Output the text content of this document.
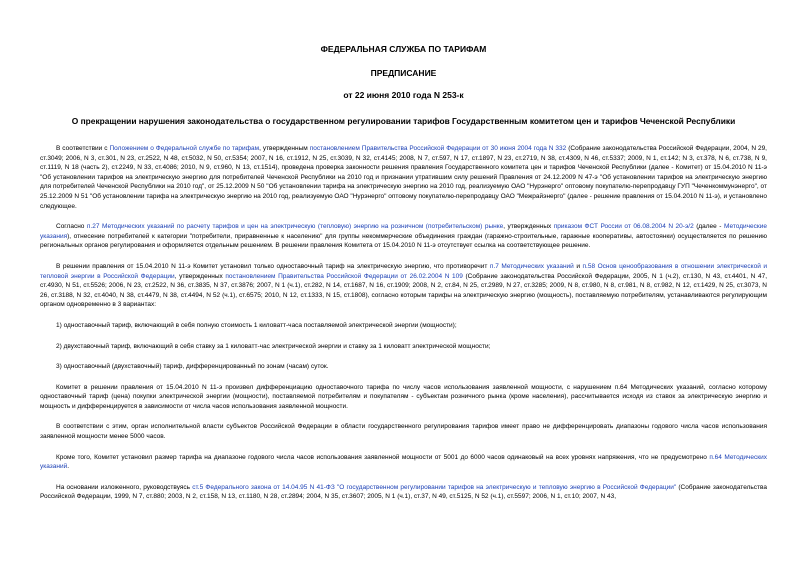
ФЕДЕРАЛЬНАЯ СЛУЖБА ПО ТАРИФАМ
ПРЕДПИСАНИЕ
от 22 июня 2010 года N 253-к
О прекращении нарушения законодательства о государственном регулировании тарифов Государственным комитетом цен и тарифов Чеченской Республики

В соответствии с Положением о Федеральной службе по тарифам, утвержденным постановлением Правительства Российской Федерации от 30 июня 2004 года N 332 (Собрание законодательства Российской Федерации, 2004, N 29, ст.3049; 2006, N 3, ст.301, N 23, ст.2522, N 48, ст.5032, N 50, ст.5354; 2007, N 16, ст.1912, N 25, ст.3039, N 32, ст.4145; 2008, N 7, ст.597, N 17, ст.1897, N 23, ст.2719, N 38, ст.4309, N 46, ст.5337; 2009, N 1, ст.142; N 3, ст.378, N 6, ст.738, N 9, ст.1119, N 18 (часть 2), ст.2249, N 33, ст.4086; 2010, N 9, ст.960, N 13, ст.1514), проведена проверка законности решения правления Государственного комитета цен и тарифов Чеченской Республики (далее - Комитет) от 15.04.2010 N 11-э "Об установлении тарифов на электрическую энергию для потребителей Чеченской Республики на 2010 год и признании утратившим силу решений Правления от 24.12.2009 N 47-э "Об установлении тарифов на электрическую энергию для потребителей Чеченской Республики на 2010 год", от 25.12.2009 N 50 "Об установлении тарифа на электрическую энергию на 2010 год, реализуемую ОАО "Нурэнерго" оптовому покупателю-перепродавцу ГУП "Чеченкоммунэнерго", от 25.12.2009 N 51 "Об установлении тарифа на электрическую энергию на 2010 год, реализуемую ОАО "Нурэнерго" оптовому покупателю-перепродавцу ОАО "Межрайэнерго" (далее - решение правления от 15.04.2010 N 11-э), и установлено следующее.

Согласно п.27 Методических указаний по расчету тарифов и цен на электрическую (тепловую) энергию на розничном (потребительском) рынке, утвержденных приказом ФСТ России от 06.08.2004 N 20-э/2 (далее - Методические указания), отнесение потребителей к категории "потребители, приравненные к населению" для группы некоммерческие объединения граждан (гаражно-строительные, гаражные кооперативы, автостоянки) осуществляется по решению региональных органов регулирования и оформляется отдельным решением. В решении правления Комитета от 15.04.2010 N 11-э отсутствует ссылка на соответствующее решение.

В решении правления от 15.04.2010 N 11-э Комитет установил только одноставочный тариф на электрическую энергию, что противоречит п.7 Методических указаний и п.58 Основ ценообразования в отношении электрической и тепловой энергии в Российской Федерации, утвержденных постановлением Правительства Российской Федерации от 26.02.2004 N 109 (Собрание законодательства Российской Федерации, 2005, N 1 (ч.2), ст.130, N 43, ст.4401, N 47, ст.4930, N 51, ст.5526; 2006, N 23, ст.2522, N 36, ст.3835, N 37, ст.3876; 2007, N 1 (ч.1), ст.282, N 14, ст.1687, N 16, ст.1909; 2008, N 2, ст.84, N 25, ст.2989, N 27, ст.3285; 2009, N 8, ст.980, N 8, ст.981, N 8, ст.982, N 12, ст.1429, N 25, ст.3073, N 26, ст.3188, N 32, ст.4040, N 38, ст.4479, N 38, ст.4494, N 52 (ч.1), ст.6575; 2010, N 12, ст.1333, N 15, ст.1808), согласно которым тарифы на электрическую энергию (мощность), поставляемую потребителям, устанавливаются регулирующим органом одновременно в 3 вариантах:

1) одноставочный тариф, включающий в себя полную стоимость 1 киловатт-часа поставляемой электрической энергии (мощности);

2) двухставочный тариф, включающий в себя ставку за 1 киловатт-час электрической энергии и ставку за 1 киловатт электрической мощности;

3) одноставочный (двухставочный) тариф, дифференцированный по зонам (часам) суток.

Комитет в решении правления от 15.04.2010 N 11-э произвел дифференциацию одноставочного тарифа по числу часов использования заявленной мощности, с нарушением п.64 Методических указаний, согласно которому одноставочный тариф (цена) покупки электрической энергии (мощности), поставляемой потребителям и покупателям - субъектам розничного рынка (кроме населения), рассчитывается исходя из ставок за электрическую энергию и мощность и дифференцируется в зависимости от числа часов использования заявленной мощности.

В соответствии с этим, орган исполнительной власти субъектов Российской Федерации в области государственного регулирования тарифов имеет право не дифференцировать диапазоны годового числа часов использования заявленной мощности менее 5000 часов.

Кроме того, Комитет установил размер тарифа на диапазоне годового числа часов использования заявленной мощности от 5001 до 6000 часов одинаковый на всех уровнях напряжения, что не предусмотрено п.64 Методических указаний.

На основании изложенного, руководствуясь ст.5 Федерального закона от 14.04.95 N 41-ФЗ "О государственном регулировании тарифов на электрическую и тепловую энергию в Российской Федерации" (Собрание законодательства Российской Федерации, 1999, N 7, ст.880; 2003, N 2, ст.158, N 13, ст.1180, N 28, ст.2894; 2004, N 35, ст.3607; 2005, N 1 (ч.1), ст.37, N 49, ст.5125, N 52 (ч.1), ст.5597; 2006, N 1, ст.10; 2007, N 43,
